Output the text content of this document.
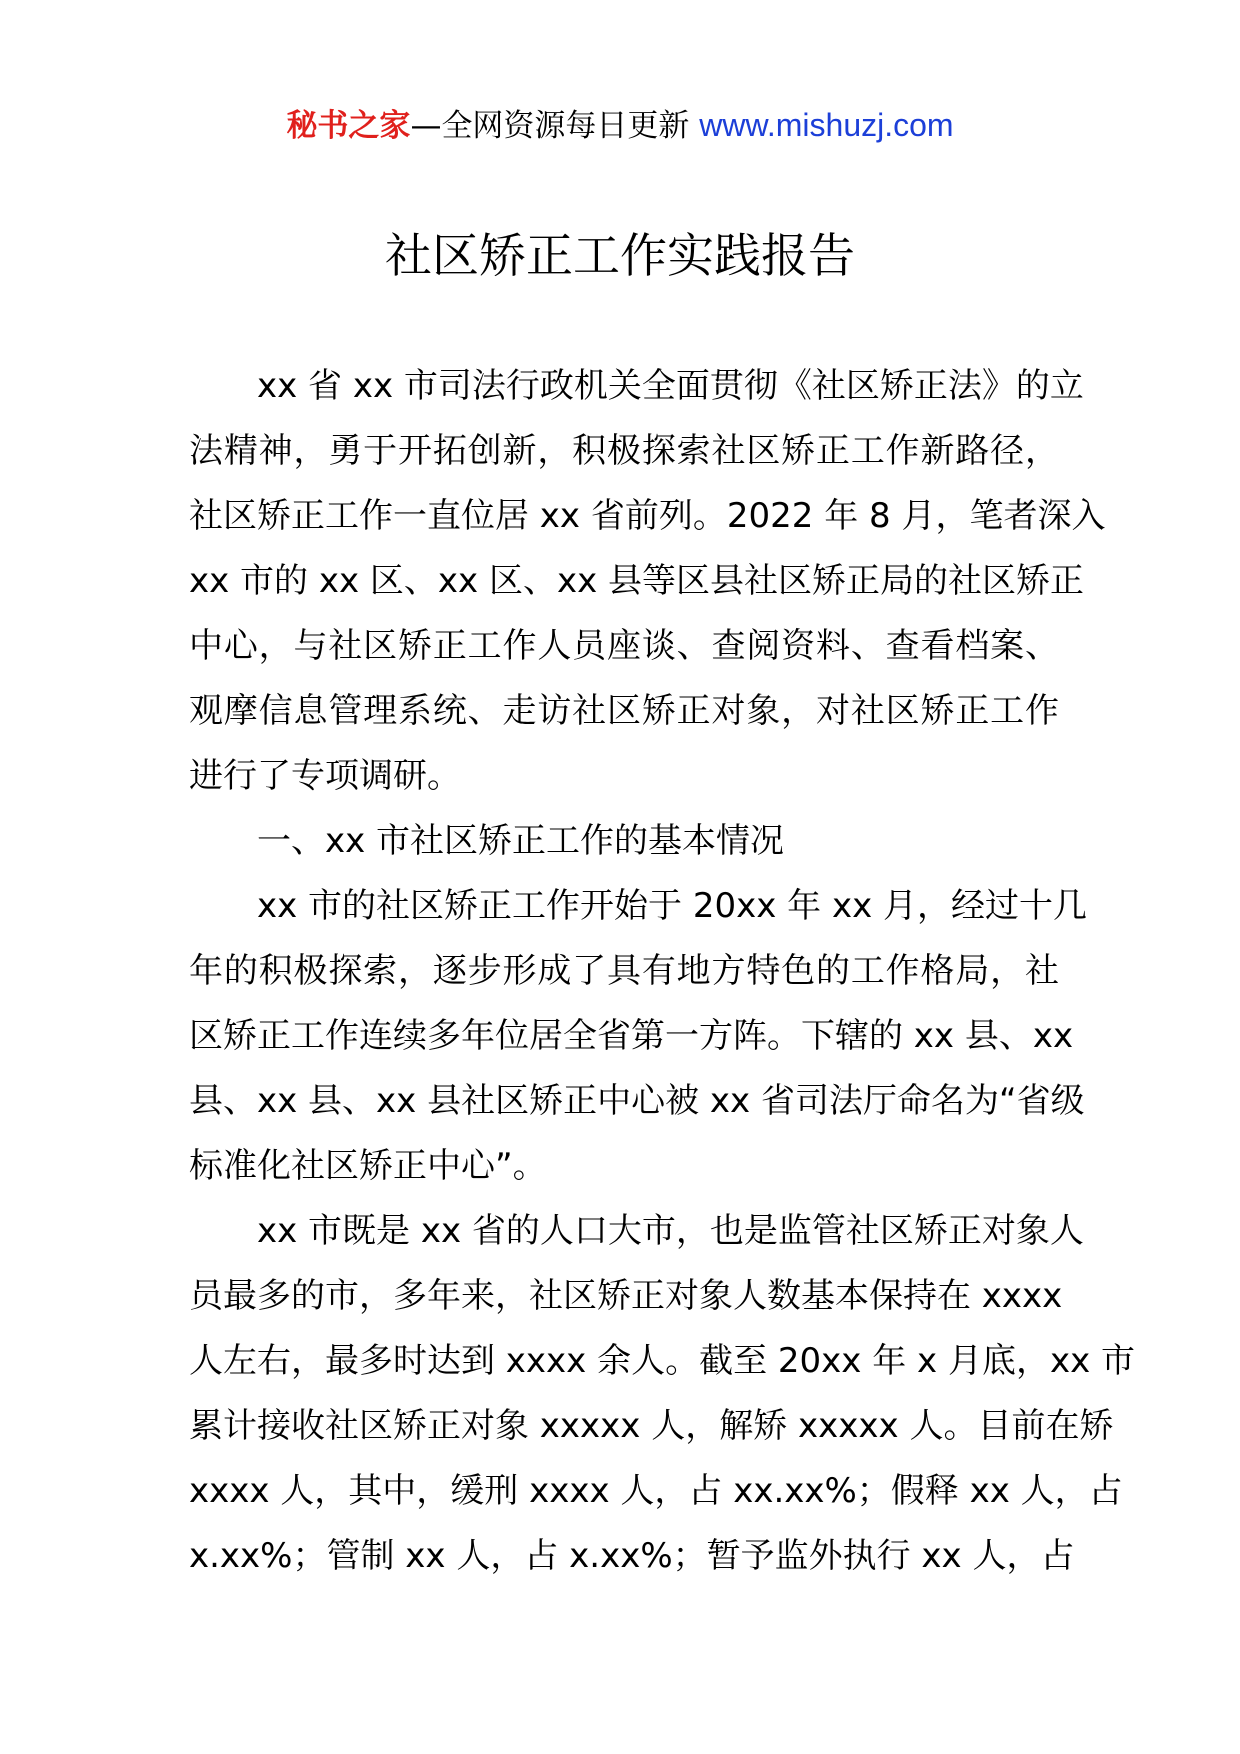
秘书之家—全网资源每日更新 www.mishuzj.com
社区矫正工作实践报告

xx 省 xx 市司法行政机关全面贯彻《社区矫正法》的立

法精神，勇于开拓创新，积极探索社区矫正工作新路径，

社区矫正工作一直位居 xx 省前列。2022 年 8 月，笔者深入

xx 市的 xx 区、xx 区、xx 县等区县社区矫正局的社区矫正

中心，与社区矫正工作人员座谈、查阅资料、查看档案、

观摩信息管理系统、走访社区矫正对象，对社区矫正工作

进行了专项调研。

一、xx 市社区矫正工作的基本情况

xx 市的社区矫正工作开始于 20xx 年 xx 月，经过十几

年的积极探索，逐步形成了具有地方特色的工作格局，社

区矫正工作连续多年位居全省第一方阵。下辖的 xx 县、xx

县、xx 县、xx 县社区矫正中心被 xx 省司法厅命名为“省级

标准化社区矫正中心”。

xx 市既是 xx 省的人口大市，也是监管社区矫正对象人

员最多的市，多年来，社区矫正对象人数基本保持在 xxxx

人左右，最多时达到 xxxx 余人。截至 20xx 年 x 月底，xx 市

累计接收社区矫正对象 xxxxx 人，解矫 xxxxx 人。目前在矫

xxxx 人，其中，缓刑 xxxx 人，占 xx.xx%；假释 xx 人，占

x.xx%；管制 xx 人，占 x.xx%；暂予监外执行 xx 人，占
